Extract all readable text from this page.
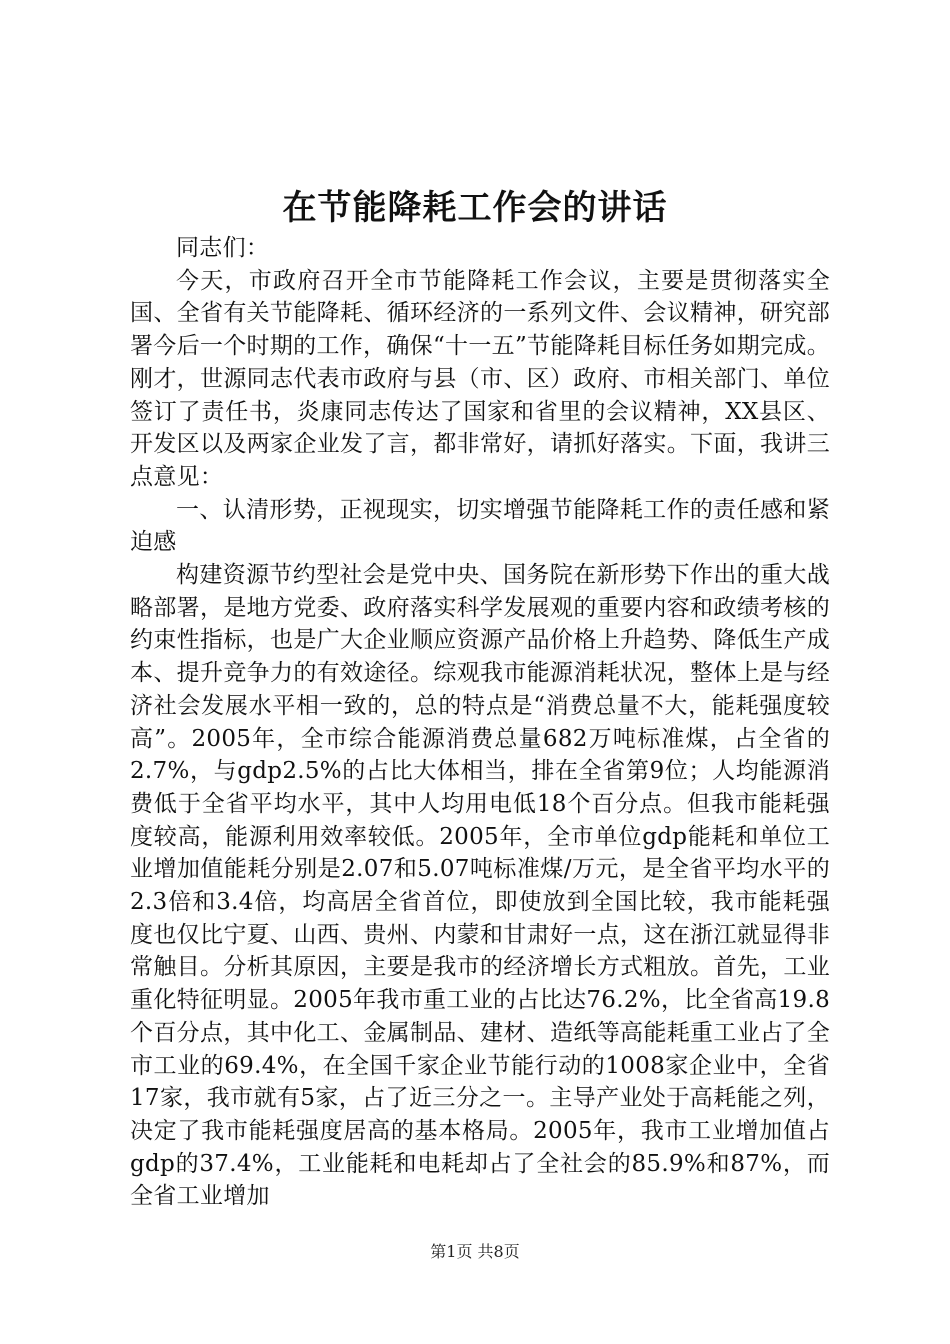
在节能降耗工作会的讲话

同志们：

今天，市政府召开全市节能降耗工作会议，主要是贯彻落实全国、全省有关节能降耗、循环经济的一系列文件、会议精神，研究部署今后一个时期的工作，确保“十一五”节能降耗目标任务如期完成。刚才，世源同志代表市政府与县（市、区）政府、市相关部门、单位签订了责任书，炎康同志传达了国家和省里的会议精神，XX县区、开发区以及两家企业发了言，都非常好，请抓好落实。下面，我讲三点意见：

一、认清形势，正视现实，切实增强节能降耗工作的责任感和紧迫感

构建资源节约型社会是党中央、国务院在新形势下作出的重大战略部署，是地方党委、政府落实科学发展观的重要内容和政绩考核的约束性指标，也是广大企业顺应资源产品价格上升趋势、降低生产成本、提升竞争力的有效途径。综观我市能源消耗状况，整体上是与经济社会发展水平相一致的，总的特点是“消费总量不大，能耗强度较高”。2005年，全市综合能源消费总量682万吨标准煤，占全省的2.7%，与gdp2.5%的占比大体相当，排在全省第9位；人均能源消费低于全省平均水平，其中人均用电低18个百分点。但我市能耗强度较高，能源利用效率较低。2005年，全市单位gdp能耗和单位工业增加值能耗分别是2.07和5.07吨标准煤/万元，是全省平均水平的2.3倍和3.4倍，均高居全省首位，即使放到全国比较，我市能耗强度也仅比宁夏、山西、贵州、内蒙和甘肃好一点，这在浙江就显得非常触目。分析其原因，主要是我市的经济增长方式粗放。首先，工业重化特征明显。2005年我市重工业的占比达76.2%，比全省高19.8个百分点，其中化工、金属制品、建材、造纸等高能耗重工业占了全市工业的69.4%，在全国千家企业节能行动的1008家企业中，全省17家，我市就有5家，占了近三分之一。主导产业处于高耗能之列，决定了我市能耗强度居高的基本格局。2005年，我市工业增加值占gdp的37.4%，工业能耗和电耗却占了全社会的85.9%和87%，而全省工业增加

第1页 共8页
